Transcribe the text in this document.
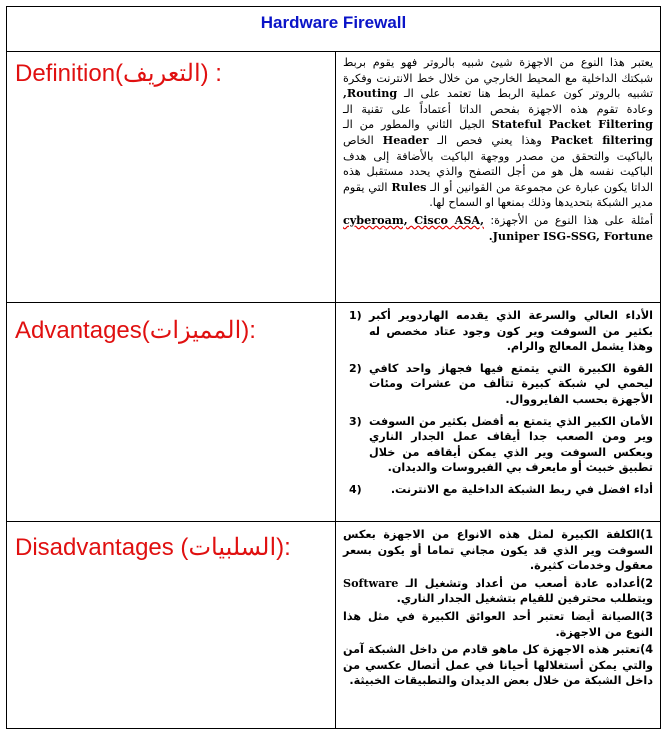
Hardware Firewall
Definition(التعريف) :	يعتبر هذا النوع من الاجهزة شيئ شبيه بالروتر فهو يقوم بربط شبكتك الداخلية مع المحيط الخارجي من خلال خط الانترنت وفكرة تشبيه بالروتر كون عملية الربط هنا تعتمد على الـ Routing, وعادة تقوم هذه الاجهزة بفحص الداتا أعتماداً على تقنية الـ Stateful Packet Filtering الجيل الثاني والمطور من الـ Packet filtering وهذا يعني فحص الـ Header الخاص بالباكيت والتحقق من مصدر ووجهة الباكيت بالأضافة إلى هدف الباكيت نفسه هل هو من أجل التصفح والذي يحدد مستقبل هذه الداتا يكون عبارة عن مجموعة من القوانين أو الـ Rules التي يقوم مدير الشبكة بتحديدها وذلك بمنعها او السماح لها.

أمثلة على هذا النوع من الأجهزة: cyberoam, Cisco ASA, Juniper ISG-SSG, Fortune.

Advantages(المميزات):
1) الأداء العالي والسرعة الذي يقدمه الهاردوير أكبر بكثير من السوفت وير كون وجود عتاد مخصص له وهذا يشمل المعالج والرام.
2) القوة الكبيرة التي يتمتع فيها فجهاز واحد كافي ليحمي لي شبكة كبيرة تتألف من عشرات ومئات الأجهزة بحسب الفايرووال.
3) الأمان الكبير الذي يتمتع به أفضل بكثير من السوفت وير ومن الصعب جدا أيقاف عمل الجدار الناري وبعكس السوفت وير الذي يمكن أيقافه من خلال تطبيق خبيث أو مايعرف بي الفيروسات والديدان.
4)	أداء افضل في ربط الشبكة الداخلية مع الانترنت.
Disadvantages (السلبيات):	1)الكلفة الكبيرة لمثل هذه الانواع من الاجهزة بعكس السوفت وير الذي قد يكون مجاني تماما أو يكون بسعر معقول وخدمات كثيرة.

2)أعداده عادة أصعب من أعداد وتشغيل الـ Software ويتطلب محترفين للقيام بتشغيل الجدار الناري.

3)الصيانة أيضا تعتبر أحد العوائق الكبيرة في مثل هذا النوع من الاجهزة.

4)تعتبر هذه الاجهزة كل ماهو قادم من داخل الشبكة آمن والتي يمكن أستغلالها أحيانا في عمل أتصال عكسي من داخل الشبكة من خلال بعض الديدان والتطبيقات الخبيثة.
